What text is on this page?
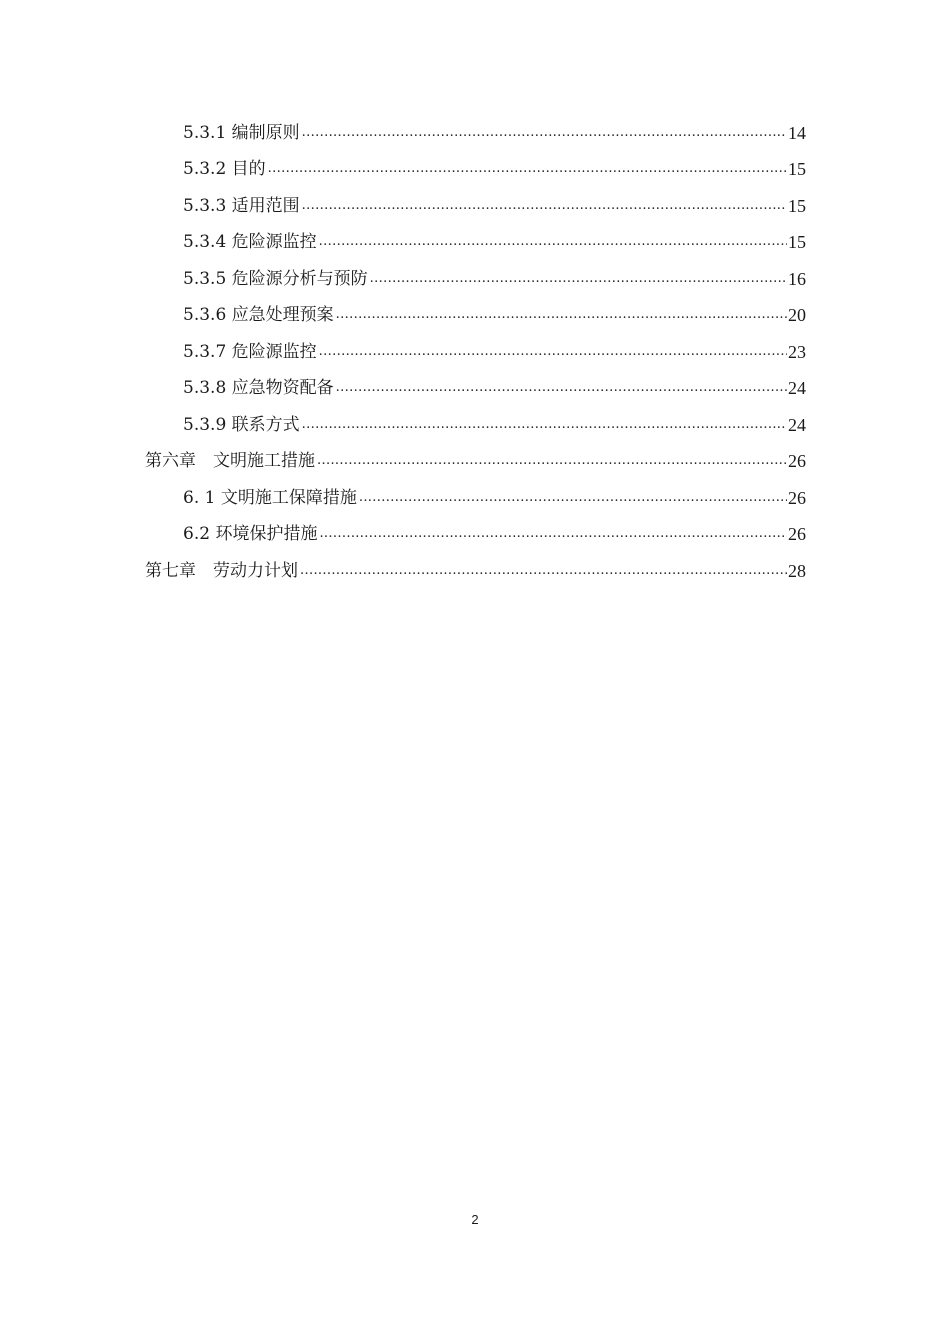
5.3.1 编制原则 .....	14
5.3.2 目的 .....	15
5.3.3 适用范围 .....	15
5.3.4 危险源监控 .....	15
5.3.5 危险源分析与预防 .....	16
5.3.6 应急处理预案 .....	20
5.3.7 危险源监控 .....	23
5.3.8 应急物资配备 .....	24
5.3.9 联系方式 .....	24
第六章　文明施工措施 .....	26
6. 1 文明施工保障措施 .....	26
6.2 环境保护措施 .....	26
第七章　劳动力计划 .....	28
2
